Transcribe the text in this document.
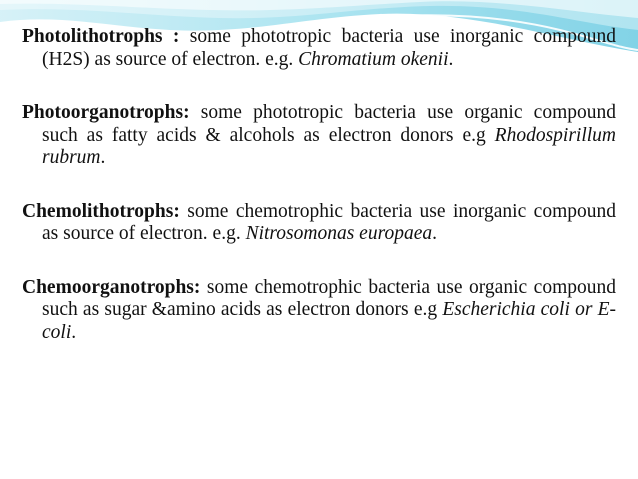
Photolithotrophs : some phototropic bacteria use inorganic compound (H2S) as source of electron. e.g. Chromatium okenii.

Photoorganotrophs: some phototropic bacteria use organic compound such as fatty acids & alcohols as electron donors e.g Rhodospirillum rubrum.

Chemolithotrophs: some chemotrophic bacteria use inorganic compound as source of electron. e.g. Nitrosomonas europaea.

Chemoorganotrophs: some chemotrophic bacteria use organic compound such as sugar &amino acids as electron donors e.g Escherichia coli or E-coli.
